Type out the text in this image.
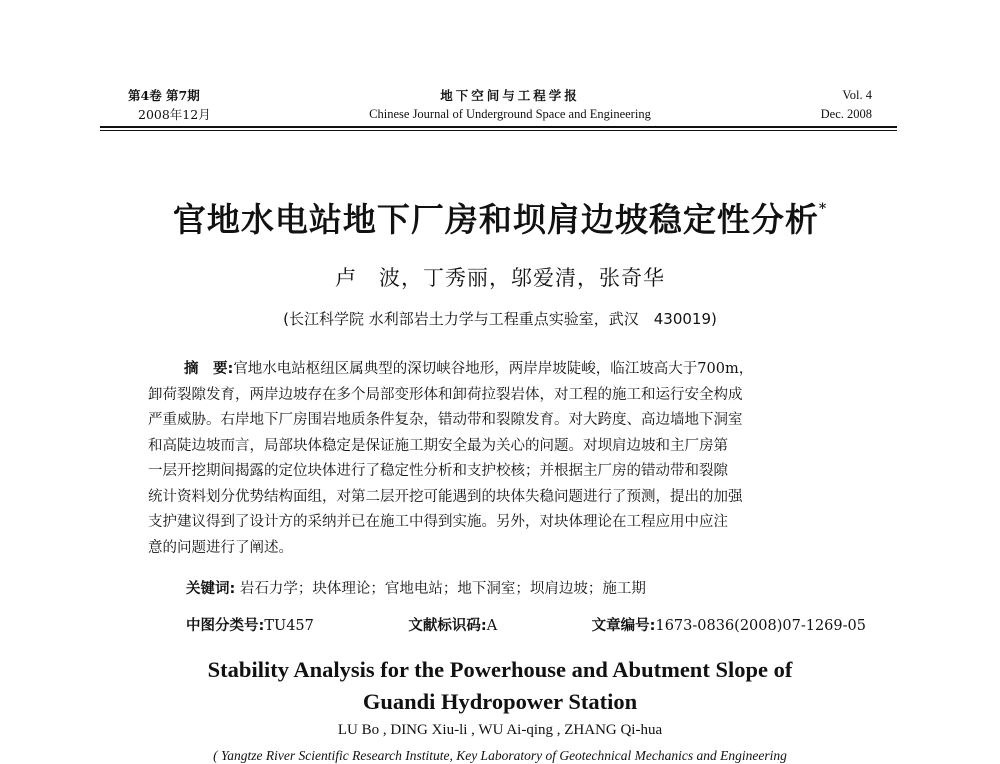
第4卷 第7期
2008年12月
地下空间与工程学报
Chinese Journal of Underground Space and Engineering
Vol. 4
Dec. 2008
官地水电站地下厂房和坝肩边坡稳定性分析*
卢　波，丁秀丽，邬爱清，张奇华
(长江科学院 水利部岩土力学与工程重点实验室，武汉　430019)
摘　要:官地水电站枢纽区属典型的深切峡谷地形，两岸岸坡陡峻，临江坡高大于700m，
卸荷裂隙发育，两岸边坡存在多个局部变形体和卸荷拉裂岩体，对工程的施工和运行安全构成
严重威胁。右岸地下厂房围岩地质条件复杂，错动带和裂隙发育。对大跨度、高边墙地下洞室
和高陡边坡而言，局部块体稳定是保证施工期安全最为关心的问题。对坝肩边坡和主厂房第
一层开挖期间揭露的定位块体进行了稳定性分析和支护校核；并根据主厂房的错动带和裂隙
统计资料划分优势结构面组，对第二层开挖可能遇到的块体失稳问题进行了预测，提出的加强
支护建议得到了设计方的采纳并已在施工中得到实施。另外，对块体理论在工程应用中应注
意的问题进行了阐述。
关键词: 岩石力学；块体理论；官地电站；地下洞室；坝肩边坡；施工期
中图分类号:TU457	文献标识码:A	文章编号:1673-0836(2008)07-1269-05
Stability Analysis for the Powerhouse and Abutment Slope of
Guandi Hydropower Station
LU Bo , DING Xiu-li , WU Ai-qing , ZHANG Qi-hua
( Yangtze River Scientific Research Institute, Key Laboratory of Geotechnical Mechanics and Engineering
